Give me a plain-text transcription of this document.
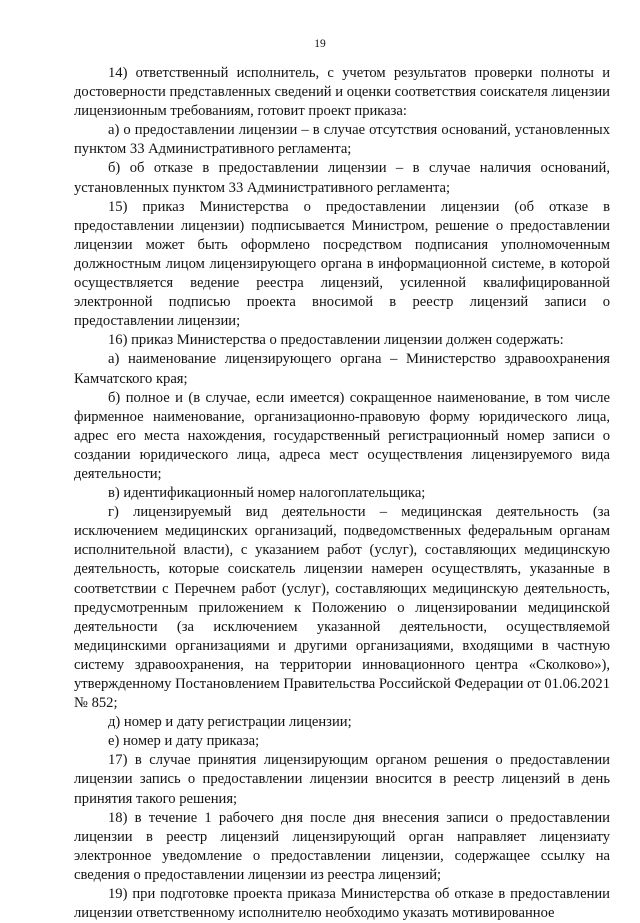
19

14) ответственный исполнитель, с учетом результатов проверки полноты и достоверности представленных сведений и оценки соответствия соискателя лицензии лицензионным требованиям, готовит проект приказа:

а) о предоставлении лицензии – в случае отсутствия оснований, установленных пунктом 33 Административного регламента;

б) об отказе в предоставлении лицензии – в случае наличия оснований, установленных пунктом 33 Административного регламента;

15) приказ Министерства о предоставлении лицензии (об отказе в предоставлении лицензии) подписывается Министром, решение о предоставлении лицензии может быть оформлено посредством подписания уполномоченным должностным лицом лицензирующего органа в информационной системе, в которой осуществляется ведение реестра лицензий, усиленной квалифицированной электронной подписью проекта вносимой в реестр лицензий записи о предоставлении лицензии;

16) приказ Министерства о предоставлении лицензии должен содержать:

а) наименование лицензирующего органа – Министерство здравоохранения Камчатского края;

б) полное и (в случае, если имеется) сокращенное наименование, в том числе фирменное наименование, организационно-правовую форму юридического лица, адрес его места нахождения, государственный регистрационный номер записи о создании юридического лица, адреса мест осуществления лицензируемого вида деятельности;

в) идентификационный номер налогоплательщика;

г) лицензируемый вид деятельности – медицинская деятельность (за исключением медицинских организаций, подведомственных федеральным органам исполнительной власти), с указанием работ (услуг), составляющих медицинскую деятельность, которые соискатель лицензии намерен осуществлять, указанные в соответствии с Перечнем работ (услуг), составляющих медицинскую деятельность, предусмотренным приложением к Положению о лицензировании медицинской деятельности (за исключением указанной деятельности, осуществляемой медицинскими организациями и другими организациями, входящими в частную систему здравоохранения, на территории инновационного центра «Сколково»), утвержденному Постановлением Правительства Российской Федерации от 01.06.2021 № 852;

д) номер и дату регистрации лицензии;

е) номер и дату приказа;

17) в случае принятия лицензирующим органом решения о предоставлении лицензии запись о предоставлении лицензии вносится в реестр лицензий в день принятия такого решения;

18) в течение 1 рабочего дня после дня внесения записи о предоставлении лицензии в реестр лицензий лицензирующий орган направляет лицензиату электронное уведомление о предоставлении лицензии, содержащее ссылку на сведения о предоставлении лицензии из реестра лицензий;

19) при подготовке проекта приказа Министерства об отказе в предоставлении лицензии ответственному исполнителю необходимо указать мотивированное
